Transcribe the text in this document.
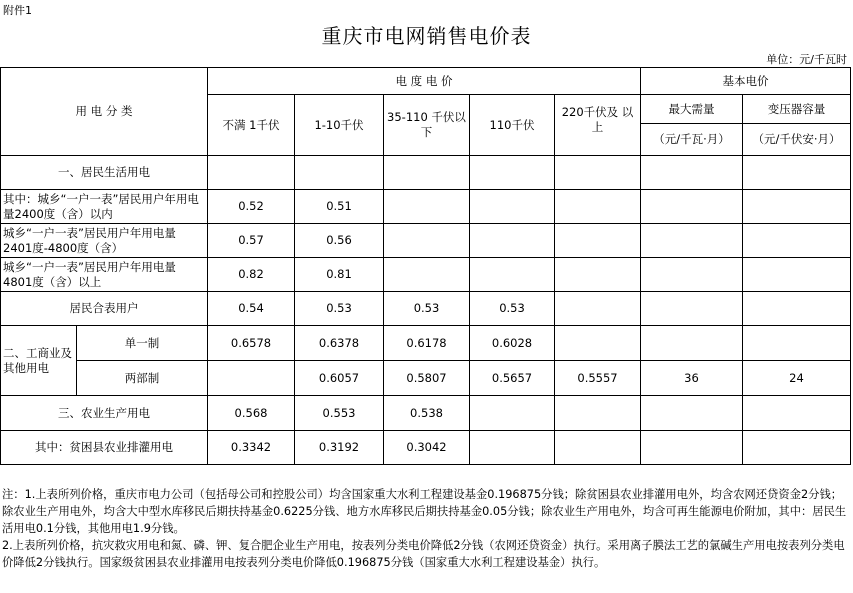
附件1
重庆市电网销售电价表
单位：元/千瓦时
用 电 分 类		电 度 电 价					基本电价	
		不满 1千伏	1-10千伏	35-110 千伏以下	110千伏	220千伏及 以上	最大需量	变压器容量
							（元/千瓦·月）	（元/千伏安·月）
一、居民生活用电								
其中：城乡“一户一表”居民用户年用电量2400度（含）以内		0.52	0.51					
城乡“一户一表”居民用户年用电量2401度-4800度（含）		0.57	0.56					
城乡“一户一表”居民用户年用电量4801度（含）以上		0.82	0.81					
居民合表用户		0.54	0.53	0.53	0.53			
二、工商业及其他用电	单一制	0.6578	0.6378	0.6178	0.6028			
	两部制		0.6057	0.5807	0.5657	0.5557	36	24
三、农业生产用电		0.568	0.553	0.538				
其中：贫困县农业排灌用电		0.3342	0.3192	0.3042				

注：1.上表所列价格，重庆市电力公司（包括母公司和控股公司）均含国家重大水利工程建设基金0.196875分钱；除贫困县农业排灌用电外，均含农网还贷资金2分钱；除农业生产用电外，均含大中型水库移民后期扶持基金0.6225分钱、地方水库移民后期扶持基金0.05分钱；除农业生产用电外，均含可再生能源电价附加，其中：居民生活用电0.1分钱，其他用电1.9分钱。

2.上表所列价格，抗灾救灾用电和氮、磷、钾、复合肥企业生产用电，按表列分类电价降低2分钱（农网还贷资金）执行。采用离子膜法工艺的氯碱生产用电按表列分类电价降低2分钱执行。国家级贫困县农业排灌用电按表列分类电价降低0.196875分钱（国家重大水利工程建设基金）执行。
